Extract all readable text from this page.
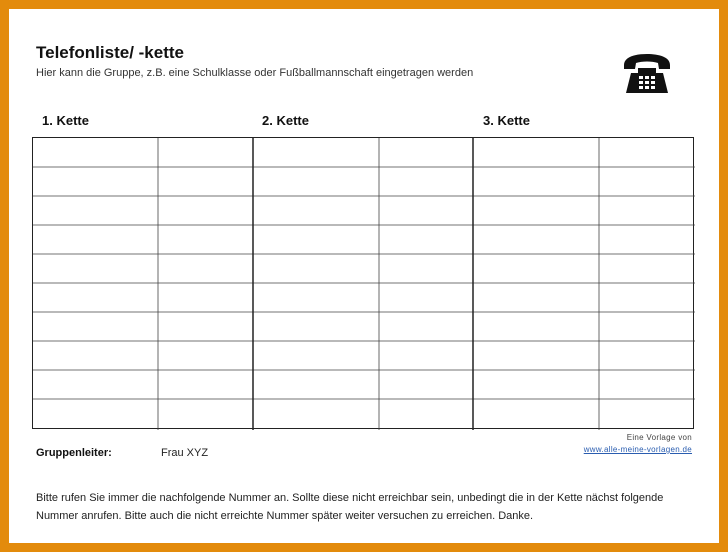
Telefonliste/ -kette
Hier kann die Gruppe, z.B. eine Schulklasse oder Fußballmannschaft eingetragen werden
1. Kette	2. Kette	3. Kette
Gruppenleiter:	Frau XYZ
Eine Vorlage von
www.alle-meine-vorlagen.de
Bitte rufen Sie immer die nachfolgende Nummer an. Sollte diese nicht erreichbar sein, unbedingt die in der Kette nächst folgende Nummer anrufen. Bitte auch die nicht erreichte Nummer später weiter versuchen zu erreichen. Danke.
